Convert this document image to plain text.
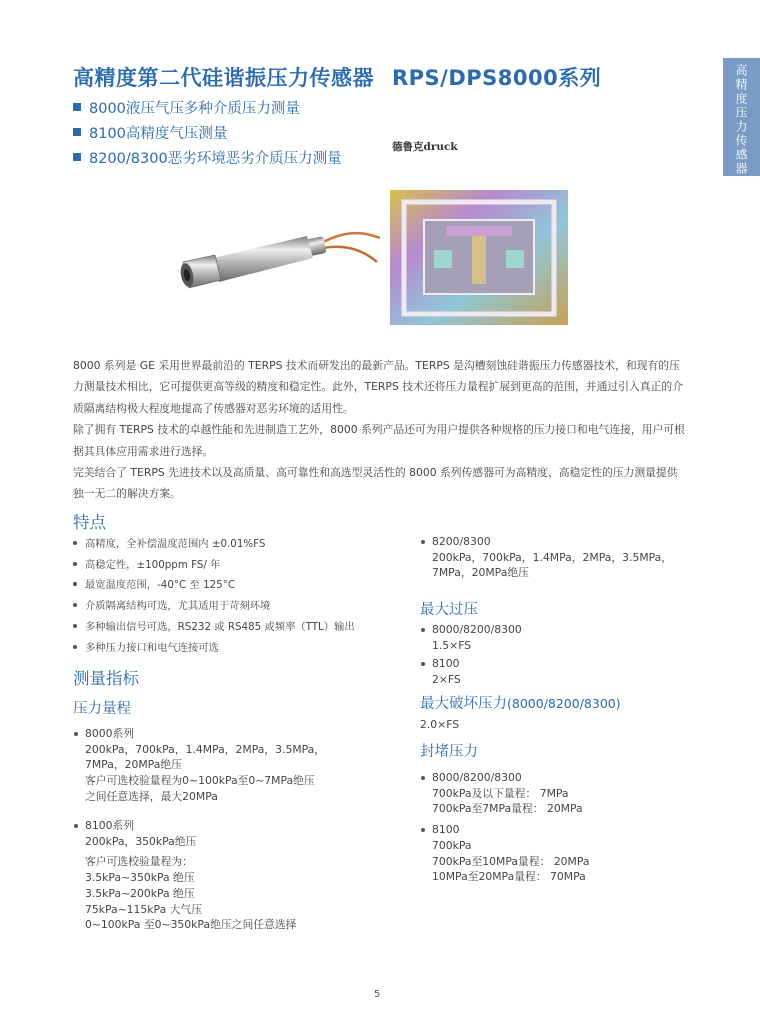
高精度第二代硅谐振压力传感器 RPS/DPS8000系列
8000液压气压多种介质压力测量
8100高精度气压测量
8200/8300恶劣环境恶劣介质压力测量	高精度压力传感器
德鲁克druck

8000 系列是 GE 采用世界最前沿的 TERPS 技术而研发出的最新产品。TERPS 是沟槽刻蚀硅谐振压力传感器技术，和现有的压力测量技术相比，它可提供更高等级的精度和稳定性。此外，TERPS 技术还将压力量程扩展到更高的范围，并通过引入真正的介质隔离结构极大程度地提高了传感器对恶劣环境的适用性。

除了拥有 TERPS 技术的卓越性能和先进制造工艺外，8000 系列产品还可为用户提供各种规格的压力接口和电气连接，用户可根据其具体应用需求进行选择。

完美结合了 TERPS 先进技术以及高质量、高可靠性和高选型灵活性的 8000 系列传感器可为高精度、高稳定性的压力测量提供独一无二的解决方案。

特点
高精度，全补偿温度范围内 ±0.01%FS
高稳定性，±100ppm FS/ 年
最宽温度范围，-40°C 至 125°C
介质隔离结构可选，尤其适用于苛刻环境
多种输出信号可选，RS232 或 RS485 或频率（TTL）输出
多种压力接口和电气连接可选
测量指标
压力量程
8000系列
200kPa，700kPa，1.4MPa，2MPa，3.5MPa，
7MPa，20MPa绝压
客户可选校验量程为0~100kPa至0~7MPa绝压
之间任意选择，最大20MPa
8100系列
200kPa，350kPa绝压
客户可选校验量程为：
3.5kPa~350kPa 绝压
3.5kPa~200kPa 绝压
75kPa~115kPa 大气压
0~100kPa 至0~350kPa绝压之间任意选择
8200/8300
200kPa，700kPa，1.4MPa，2MPa，3.5MPa，
7MPa，20MPa绝压
最大过压
8000/8200/8300
1.5×FS
8100
2×FS
最大破坏压力(8000/8200/8300)
2.0×FS
封堵压力
8000/8200/8300
700kPa及以下量程： 7MPa
700kPa至7MPa量程： 20MPa
8100
700kPa
700kPa至10MPa量程： 20MPa
10MPa至20MPa量程： 70MPa
5
